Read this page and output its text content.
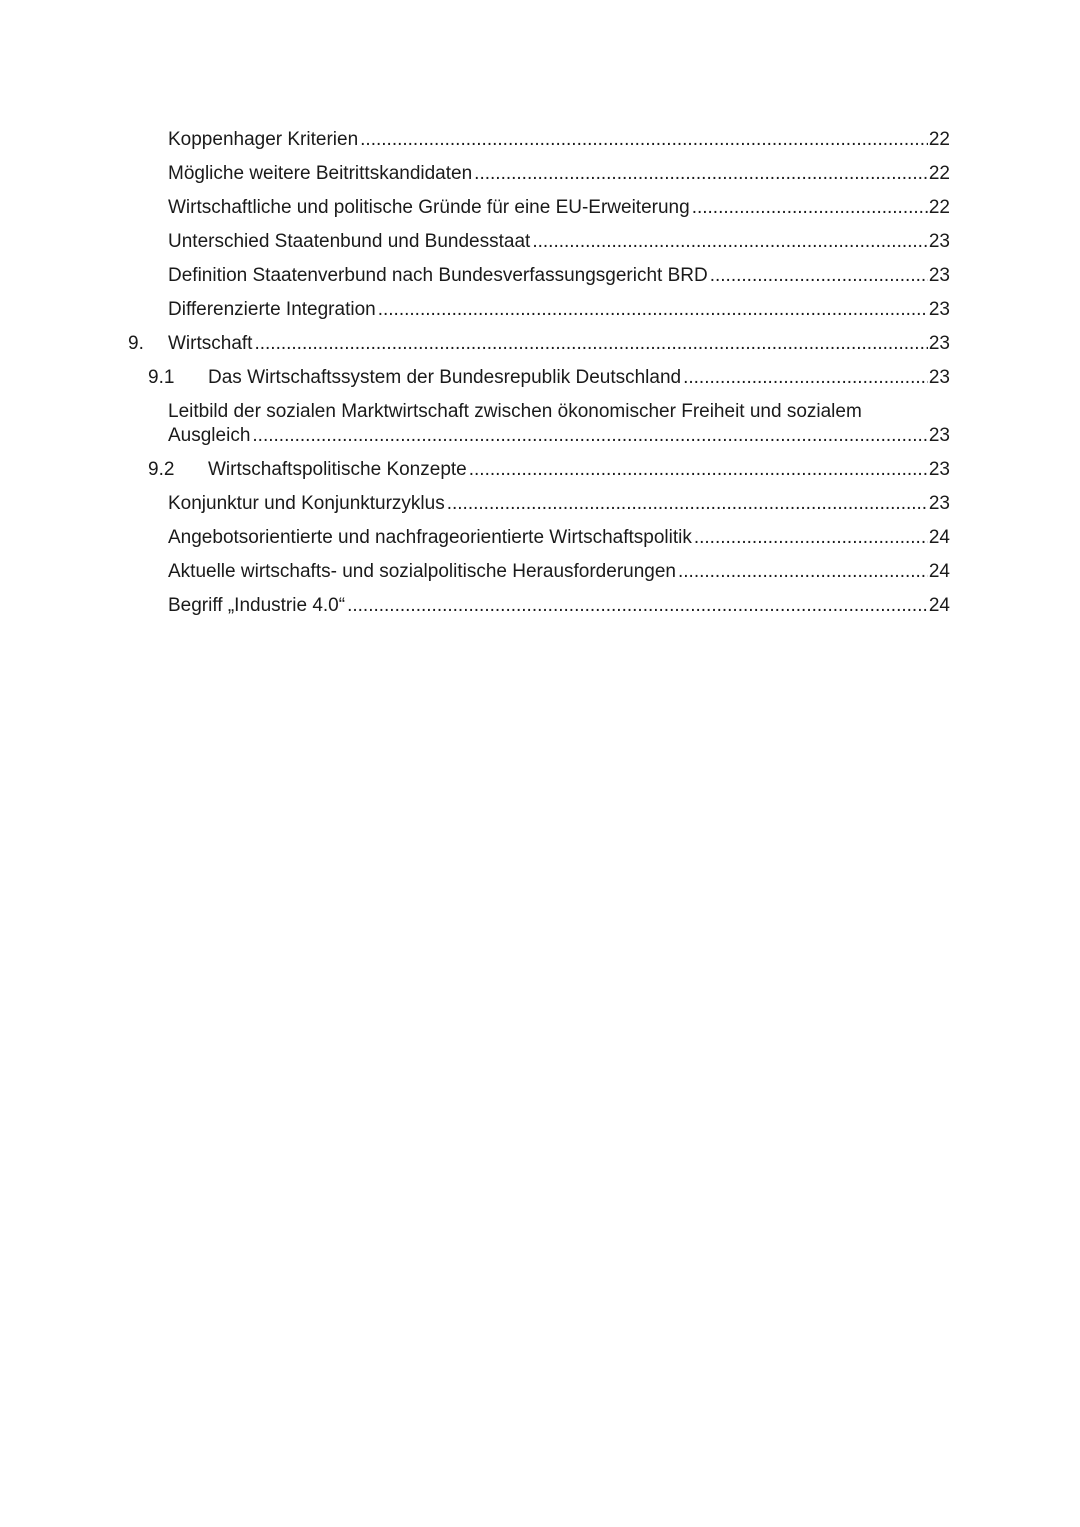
Koppenhager Kriterien .....	22
Mögliche weitere Beitrittskandidaten .....	22
Wirtschaftliche und politische Gründe für eine EU-Erweiterung .....	22
Unterschied Staatenbund und Bundesstaat .....	23
Definition Staatenverbund nach Bundesverfassungsgericht BRD .....	23
Differenzierte Integration .....	23
9. Wirtschaft .....	23
9.1 Das Wirtschaftssystem der Bundesrepublik Deutschland .....	23
Leitbild der sozialen Marktwirtschaft zwischen ökonomischer Freiheit und sozialem
Ausgleich .....	23
9.2 Wirtschaftspolitische Konzepte .....	23
Konjunktur und Konjunkturzyklus .....	23
Angebotsorientierte und nachfrageorientierte Wirtschaftspolitik .....	24
Aktuelle wirtschafts- und sozialpolitische Herausforderungen .....	24
Begriff „Industrie 4.0“ .....	24
